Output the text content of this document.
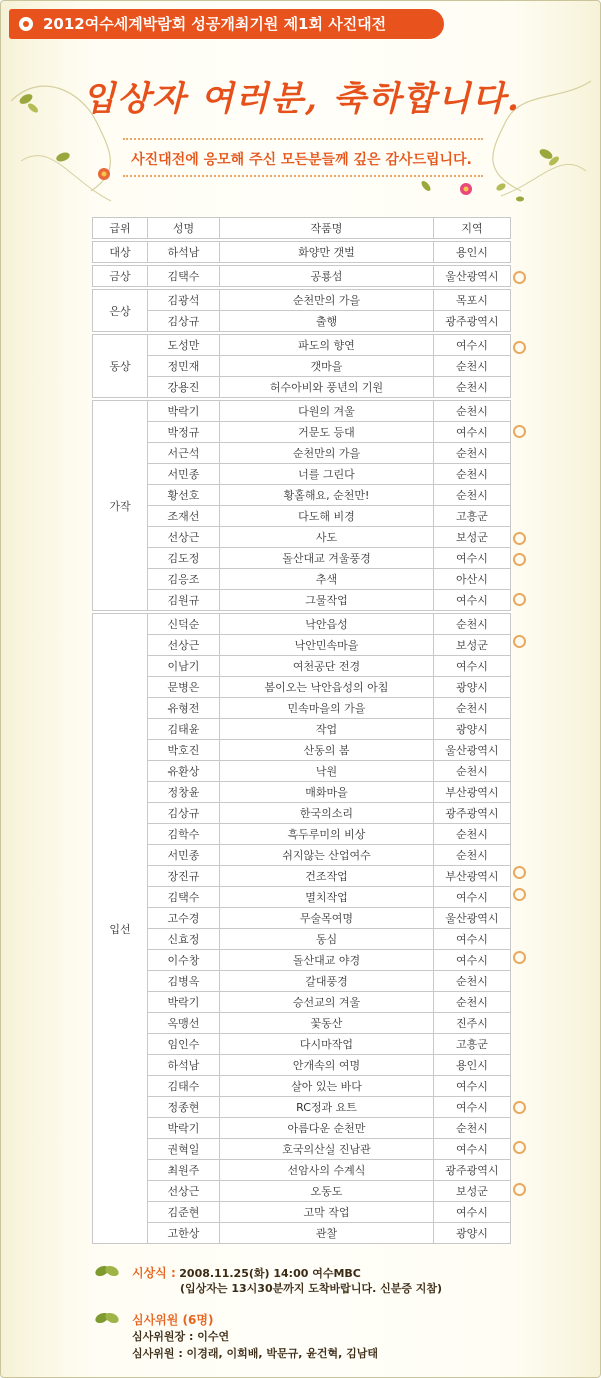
2012여수세계박람회 성공개최기원 제1회 사진대전
입상자 여러분, 축하합니다.
사진대전에 응모해 주신 모든분들께 깊은 감사드립니다.
급위	성명	작품명	지역

대상	하석남	화양만 갯벌	용인시

금상	김택수	공룡섬	울산광역시

은상	김광석	순천만의 가을	목포시
	김상규	출행	광주광역시

동상	도성만	파도의 향연	여수시
	정민재	갯마을	순천시
	강용진	허수아비와 풍년의 기원	순천시

가작	박락기	다원의 겨울	순천시
	박정규	거문도 등대	여수시
	서근석	순천만의 가을	순천시
	서민종	너를 그린다	순천시
	황선호	황홀해요, 순천만!	순천시
	조재선	다도해 비경	고흥군
	선상근	사도	보성군
	김도정	돌산대교 겨울풍경	여수시
	김응조	추색	아산시
	김원규	그물작업	여수시

입선	신덕순	낙안읍성	순천시
	선상근	낙안민속마을	보성군
	이남기	여천공단 전경	여수시
	문병은	봄이오는 낙안읍성의 아침	광양시
	유형전	민속마을의 가을	순천시
	김태윤	작업	광양시
	박호진	산동의 봄	울산광역시
	유환상	낙원	순천시
	정창윤	매화마을	부산광역시
	김상규	한국의소리	광주광역시
	김학수	흑두루미의 비상	순천시
	서민종	쉬지않는 산업여수	순천시
	장진규	건조작업	부산광역시
	김택수	멸치작업	여수시
	고수경	무술목여명	울산광역시
	신효정	동심	여수시
	이수창	돌산대교 야경	여수시
	김병옥	갈대풍경	순천시
	박락기	승선교의 겨울	순천시
	옥맹선	꽃동산	진주시
	임인수	다시마작업	고흥군
	하석남	안개속의 여명	용인시
	김태수	살아 있는 바다	여수시
	정종현	RC정과 요트	여수시
	박락기	아름다운 순천만	순천시
	권혁일	호국의산실 진남관	여수시
	최원주	선암사의 수계식	광주광역시
	선상근	오동도	보성군
	김준현	고막 작업	여수시
	고한상	관찰	광양시
시상식 : 2008.11.25(화) 14:00 여수MBC
(입상자는 13시30분까지 도착바랍니다. 신분증 지참)
심사위원 (6명)
심사위원장 : 이수연
심사위원 : 이경래, 이희배, 박문규, 윤건혁, 김남태
